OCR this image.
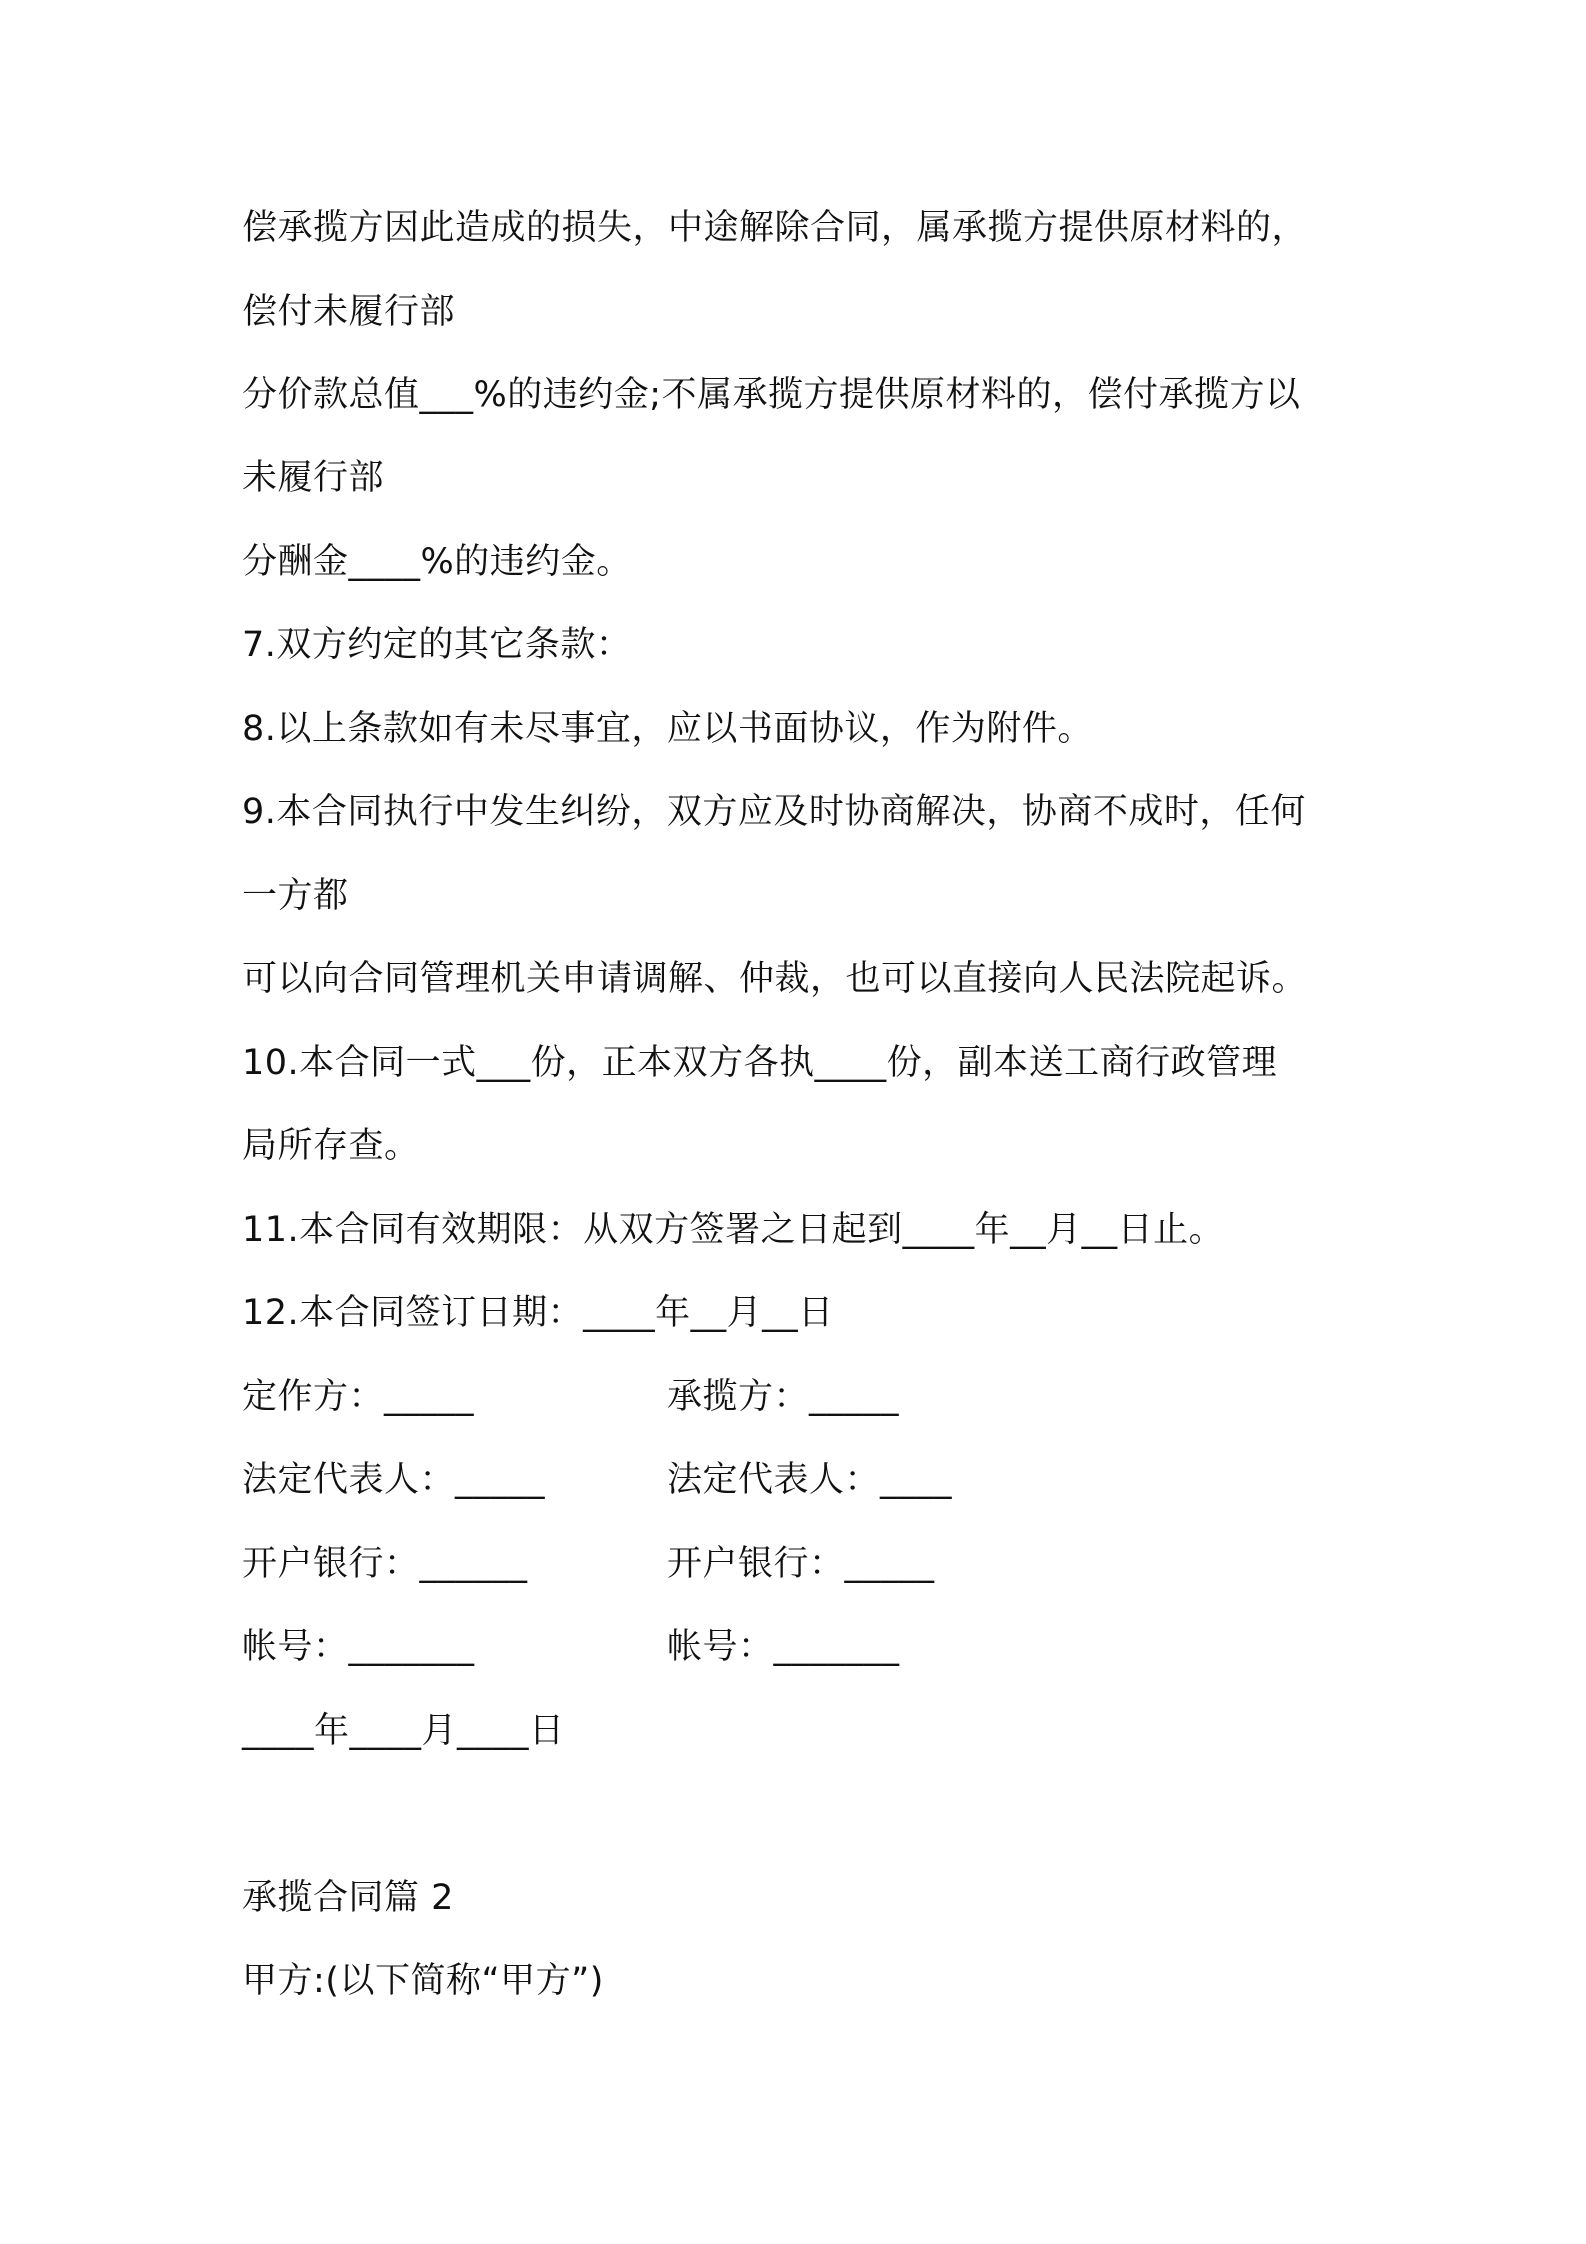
偿承揽方因此造成的损失，中途解除合同，属承揽方提供原材料的，
偿付未履行部
分价款总值___%的违约金;不属承揽方提供原材料的，偿付承揽方以
未履行部
分酬金____%的违约金。
7.双方约定的其它条款：
8.以上条款如有未尽事宜，应以书面协议，作为附件。
9.本合同执行中发生纠纷，双方应及时协商解决，协商不成时，任何
一方都
可以向合同管理机关申请调解、仲裁，也可以直接向人民法院起诉。
10.本合同一式___份，正本双方各执____份，副本送工商行政管理
局所存查。
11.本合同有效期限：从双方签署之日起到____年__月__日止。
12.本合同签订日期：____年__月__日
定作方：_____	承揽方：_____
法定代表人：_____	法定代表人：____
开户银行：______	开户银行：_____
帐号：_______	帐号：_______
____年____月____日
承揽合同篇 2
甲方:(以下简称“甲方”)
